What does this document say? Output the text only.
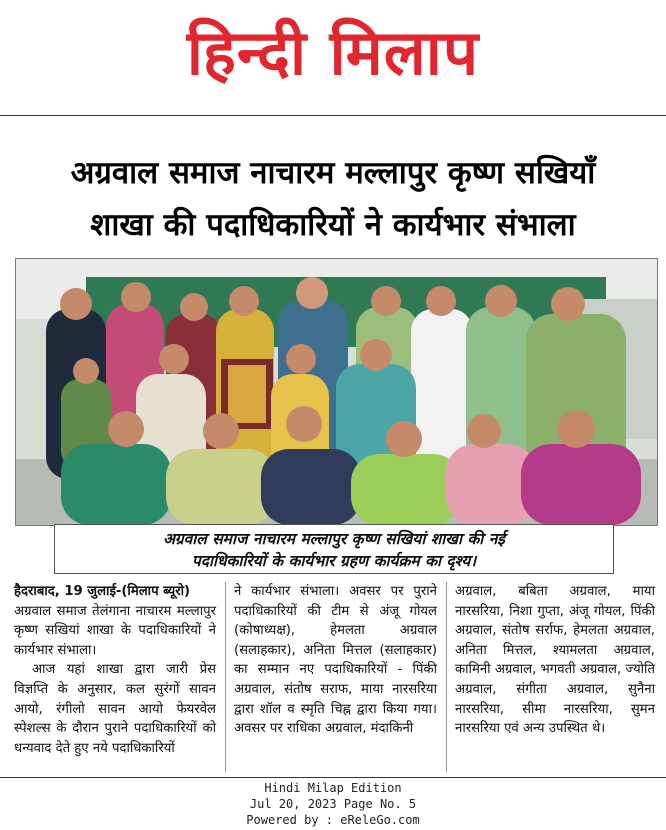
हिन्दी मिलाप
अग्रवाल समाज नाचारम मल्लापुर कृष्ण सखियाँ
शाखा की पदाधिकारियों ने कार्यभार संभाला
अग्रवाल समाज नाचारम मल्लापुर कृष्ण सखियां शाखा की नई
पदाधिकारियों के कार्यभार ग्रहण कार्यक्रम का दृश्य।

हैदराबाद, 19 जुलाई-(मिलाप ब्यूरो)

अग्रवाल समाज तेलंगाना नाचारम मल्लापुर कृष्ण सखियां शाखा के पदाधिकारियों ने कार्यभार संभाला।

आज यहां शाखा द्वारा जारी प्रेस विज्ञप्ति के अनुसार, कल सुरंगों सावन आयो, रंगीलो सावन आयो फेयरवेल स्पेशल्स के दौरान पुराने पदाधिकारियों को धन्यवाद देते हुए नये पदाधिकारियों

ने कार्यभार संभाला। अवसर पर पुराने पदाधिकारियों की टीम से अंजू गोयल (कोषाध्यक्ष), हेमलता अग्रवाल (सलाहकार), अनिता मित्तल (सलाहकार) का सम्मान नए पदाधिकारियों - पिंकी अग्रवाल, संतोष सराफ, माया नारसरिया द्वारा शॉल व स्मृति चिह्न द्वारा किया गया। अवसर पर राधिका अग्रवाल, मंदाकिनी

अग्रवाल, बबिता अग्रवाल, माया नारसरिया, निशा गुप्ता, अंजू गोयल, पिंकी अग्रवाल, संतोष सर्राफ, हेमलता अग्रवाल, अनिता मित्तल, श्यामलता अग्रवाल, कामिनी अग्रवाल, भगवती अग्रवाल, ज्योति अग्रवाल, संगीता अग्रवाल, सुनैना नारसरिया, सीमा नारसरिया, सुमन नारसरिया एवं अन्य उपस्थित थे।

Hindi Milap Edition
Jul 20, 2023 Page No. 5
Powered by : eReleGo.com
